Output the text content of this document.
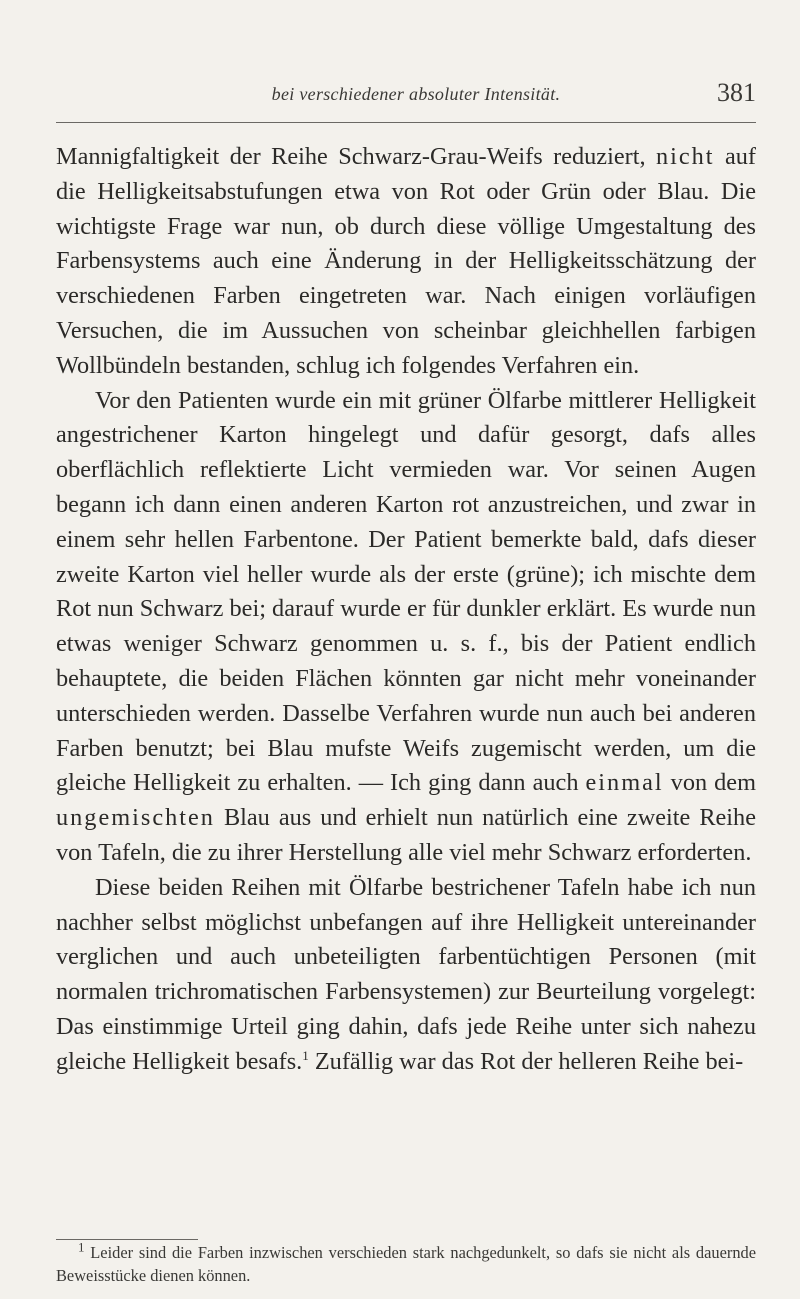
bei verschiedener absoluter Intensität.	381

Mannigfaltigkeit der Reihe Schwarz-Grau-Weifs reduziert, nicht auf die Helligkeitsabstufungen etwa von Rot oder Grün oder Blau. Die wichtigste Frage war nun, ob durch diese völlige Umgestaltung des Farbensystems auch eine Änderung in der Helligkeitsschätzung der verschiedenen Farben eingetreten war. Nach einigen vorläufigen Versuchen, die im Aussuchen von scheinbar gleichhellen farbigen Wollbündeln bestanden, schlug ich folgendes Verfahren ein.

Vor den Patienten wurde ein mit grüner Ölfarbe mittlerer Helligkeit angestrichener Karton hingelegt und dafür gesorgt, dafs alles oberflächlich reflektierte Licht vermieden war. Vor seinen Augen begann ich dann einen anderen Karton rot anzustreichen, und zwar in einem sehr hellen Farbentone. Der Patient bemerkte bald, dafs dieser zweite Karton viel heller wurde als der erste (grüne); ich mischte dem Rot nun Schwarz bei; darauf wurde er für dunkler erklärt. Es wurde nun etwas weniger Schwarz genommen u. s. f., bis der Patient endlich behauptete, die beiden Flächen könnten gar nicht mehr voneinander unterschieden werden. Dasselbe Verfahren wurde nun auch bei anderen Farben benutzt; bei Blau mufste Weifs zugemischt werden, um die gleiche Helligkeit zu erhalten. — Ich ging dann auch einmal von dem ungemischten Blau aus und erhielt nun natürlich eine zweite Reihe von Tafeln, die zu ihrer Herstellung alle viel mehr Schwarz erforderten.

Diese beiden Reihen mit Ölfarbe bestrichener Tafeln habe ich nun nachher selbst möglichst unbefangen auf ihre Helligkeit untereinander verglichen und auch unbeteiligten farbentüchtigen Personen (mit normalen trichromatischen Farbensystemen) zur Beurteilung vorgelegt: Das einstimmige Urteil ging dahin, dafs jede Reihe unter sich nahezu gleiche Helligkeit besafs.$^1$ Zufällig war das Rot der helleren Reihe bei-

$^1$ Leider sind die Farben inzwischen verschieden stark nachgedunkelt, so dafs sie nicht als dauernde Beweisstücke dienen können.
